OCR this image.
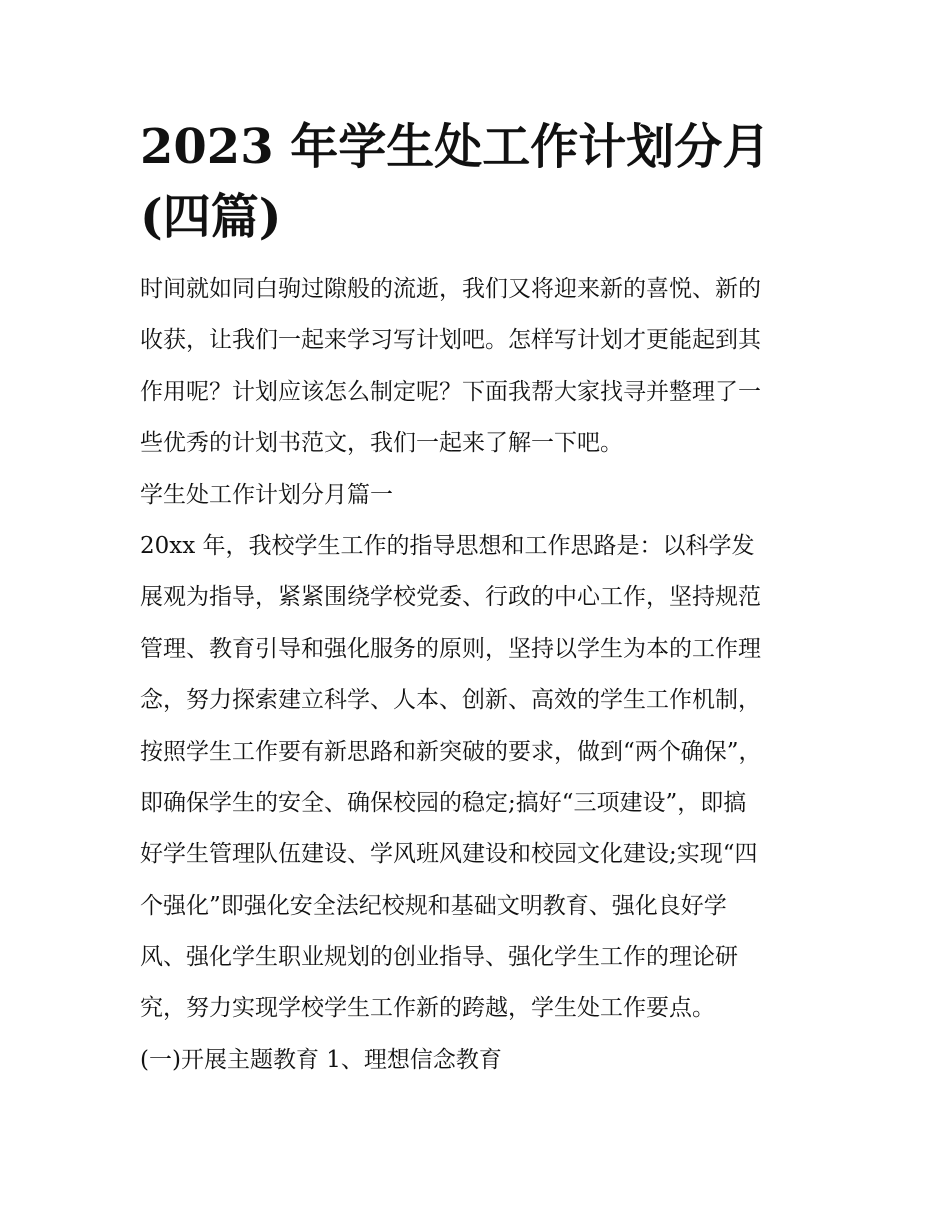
2023 年学生处工作计划分月
(四篇)
时间就如同白驹过隙般的流逝，我们又将迎来新的喜悦、新的
收获，让我们一起来学习写计划吧。怎样写计划才更能起到其
作用呢？计划应该怎么制定呢？下面我帮大家找寻并整理了一
些优秀的计划书范文，我们一起来了解一下吧。
学生处工作计划分月篇一
20xx 年，我校学生工作的指导思想和工作思路是：以科学发
展观为指导，紧紧围绕学校党委、行政的中心工作，坚持规范
管理、教育引导和强化服务的原则，坚持以学生为本的工作理
念，努力探索建立科学、人本、创新、高效的学生工作机制，
按照学生工作要有新思路和新突破的要求，做到“两个确保”，
即确保学生的安全、确保校园的稳定;搞好“三项建设”，即搞
好学生管理队伍建设、学风班风建设和校园文化建设;实现“四
个强化”即强化安全法纪校规和基础文明教育、强化良好学
风、强化学生职业规划的创业指导、强化学生工作的理论研
究，努力实现学校学生工作新的跨越，学生处工作要点。
(一)开展主题教育 1、理想信念教育
